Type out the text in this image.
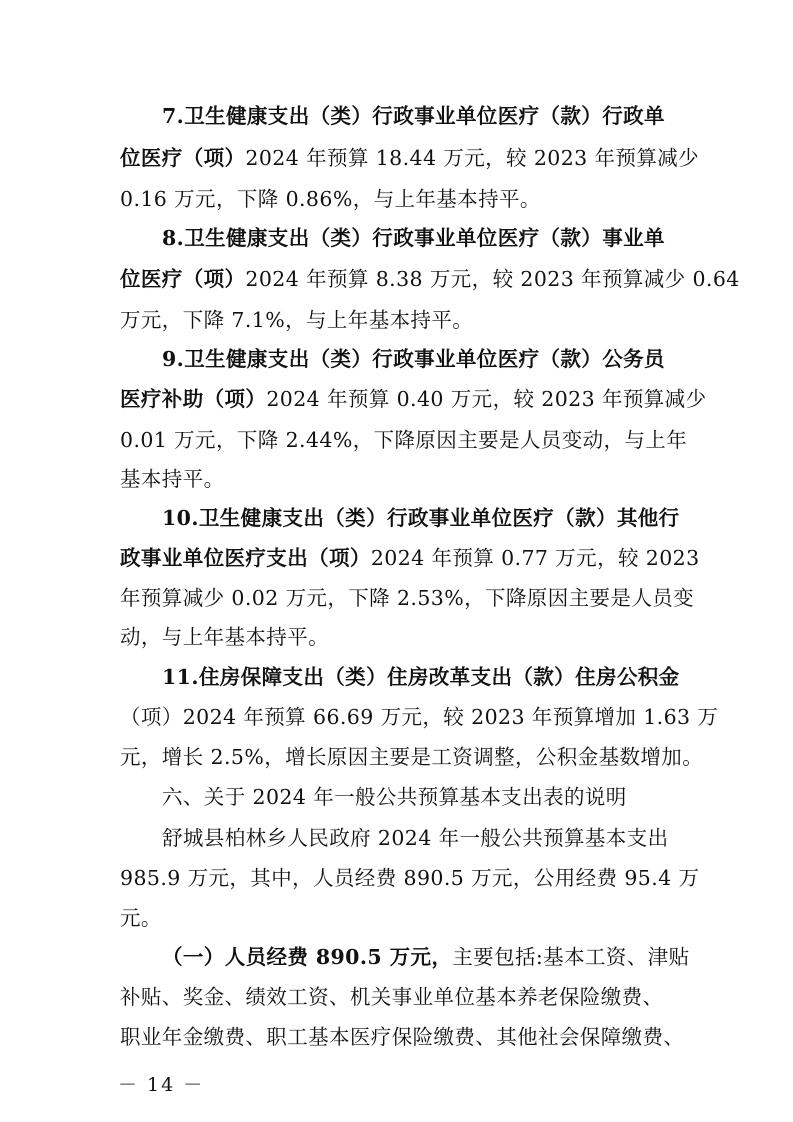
7.卫生健康支出（类）行政事业单位医疗（款）行政单
位医疗（项）2024 年预算 18.44 万元，较 2023 年预算减少
0.16 万元，下降 0.86%，与上年基本持平。
8.卫生健康支出（类）行政事业单位医疗（款）事业单
位医疗（项）2024 年预算 8.38 万元，较 2023 年预算减少 0.64
万元，下降 7.1%，与上年基本持平。
9.卫生健康支出（类）行政事业单位医疗（款）公务员
医疗补助（项）2024 年预算 0.40 万元，较 2023 年预算减少
0.01 万元，下降 2.44%，下降原因主要是人员变动，与上年
基本持平。
10.卫生健康支出（类）行政事业单位医疗（款）其他行
政事业单位医疗支出（项）2024 年预算 0.77 万元，较 2023
年预算减少 0.02 万元，下降 2.53%，下降原因主要是人员变
动，与上年基本持平。
11.住房保障支出（类）住房改革支出（款）住房公积金
（项）2024 年预算 66.69 万元，较 2023 年预算增加 1.63 万
元，增长 2.5%，增长原因主要是工资调整，公积金基数增加。
六、关于 2024 年一般公共预算基本支出表的说明
舒城县柏林乡人民政府 2024 年一般公共预算基本支出
985.9 万元，其中，人员经费 890.5 万元，公用经费 95.4 万
元。
（一）人员经费 890.5 万元，主要包括:基本工资、津贴
补贴、奖金、绩效工资、机关事业单位基本养老保险缴费、
职业年金缴费、职工基本医疗保险缴费、其他社会保障缴费、
－ 14 －
